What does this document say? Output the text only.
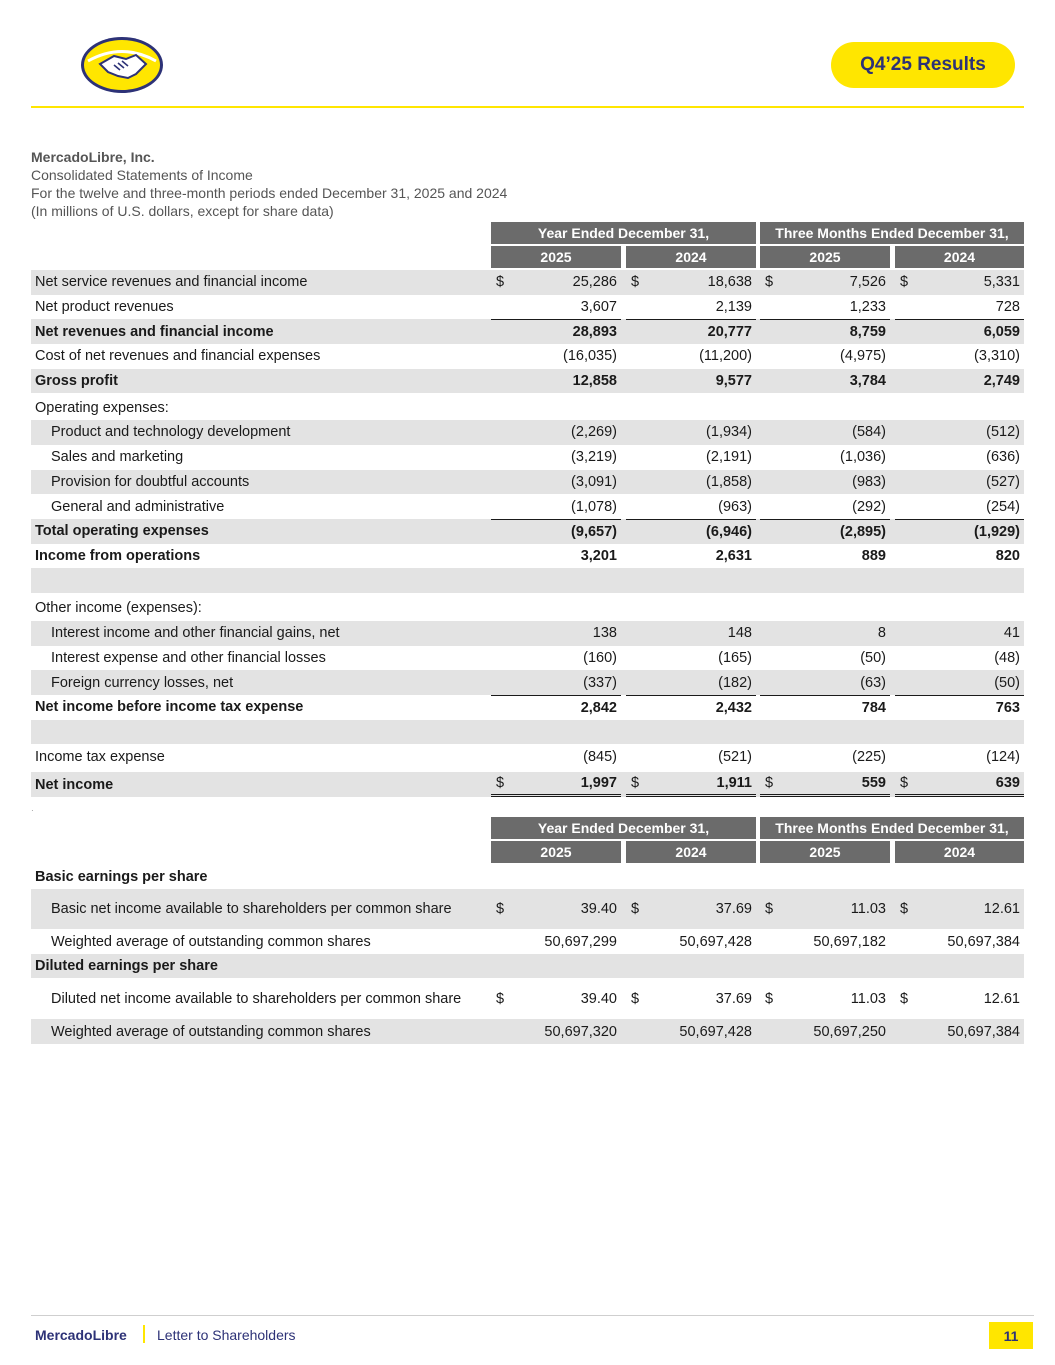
Q4’25 Results
MercadoLibre, Inc.
Consolidated Statements of Income
For the twelve and three-month periods ended December 31, 2025 and 2024
(In millions of U.S. dollars, except for share data)
Year Ended December 31,	Three Months Ended December 31,
2025	2024	2025	2024
Net service revenues and financial income	$	25,286 $	18,638 $	7,526 $	5,331
Net product revenues	3,607	2,139	1,233	728
Net revenues and financial income	28,893	20,777	8,759	6,059
Cost of net revenues and financial expenses	(16,035)	(11,200)	(4,975)	(3,310)
Gross profit	12,858	9,577	3,784	2,749
Operating expenses:
Product and technology development	(2,269)	(1,934)	(584)	(512)
Sales and marketing	(3,219)	(2,191)	(1,036)	(636)
Provision for doubtful accounts	(3,091)	(1,858)	(983)	(527)
General and administrative	(1,078)	(963)	(292)	(254)
Total operating expenses	(9,657)	(6,946)	(2,895)	(1,929)
Income from operations	3,201	2,631	889	820
Other income (expenses):
Interest income and other financial gains, net	138	148	8	41
Interest expense and other financial losses	(160)	(165)	(50)	(48)
Foreign currency losses, net	(337)	(182)	(63)	(50)
Net income before income tax expense	2,842	2,432	784	763
Income tax expense	(845)	(521)	(225)	(124)
Net income	$	1,997 $	1,911 $	559 $	639
·
Year Ended December 31,	Three Months Ended December 31,
2025	2024	2025	2024
Basic earnings per share
Basic net income available to shareholders per common share	$	39.40 $	37.69 $	11.03 $	12.61
Weighted average of outstanding common shares	50,697,299	50,697,428	50,697,182	50,697,384
Diluted earnings per share
Diluted net income available to shareholders per common share $	39.40 $	37.69 $	11.03 $	12.61
Weighted average of outstanding common shares	50,697,320	50,697,428	50,697,250	50,697,384
MercadoLibre Letter to Shareholders	11
